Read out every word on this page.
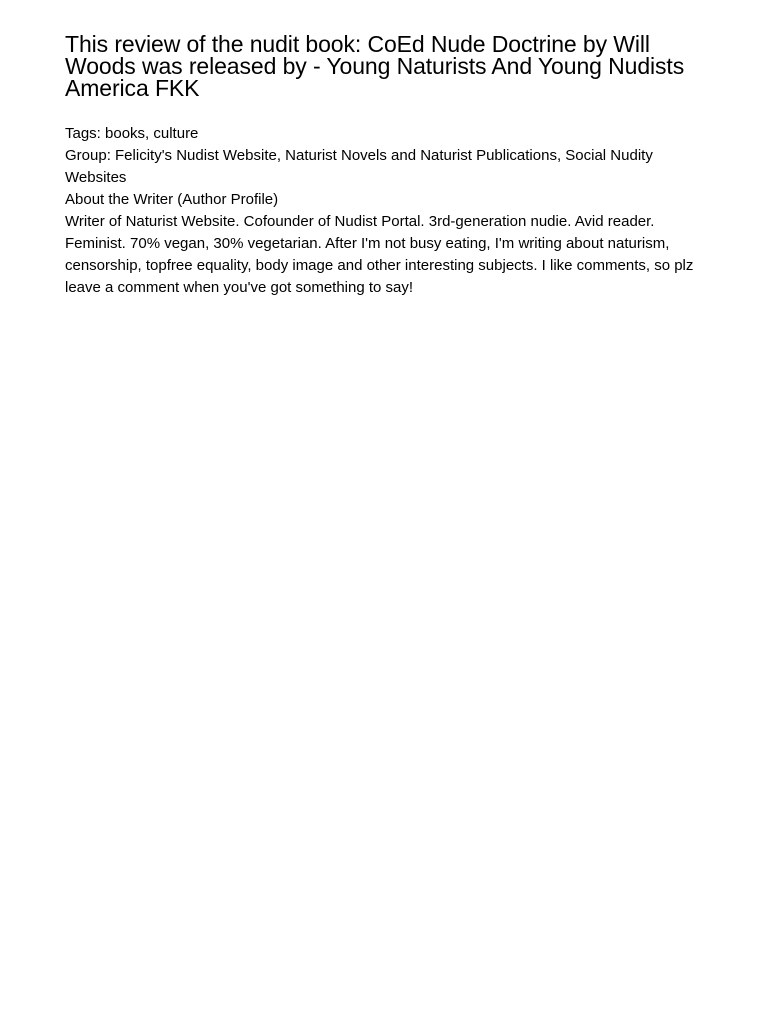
This review of the nudit book: CoEd Nude Doctrine by Will Woods was released by - Young Naturists And Young Nudists America FKK

Tags: books, culture

Group: Felicity's Nudist Website, Naturist Novels and Naturist Publications, Social Nudity Websites

About the Writer (Author Profile)

Writer of Naturist Website. Cofounder of Nudist Portal. 3rd-generation nudie. Avid reader. Feminist. 70% vegan, 30% vegetarian. After I'm not busy eating, I'm writing about naturism, censorship, topfree equality, body image and other interesting subjects. I like comments, so plz leave a comment when you've got something to say!
